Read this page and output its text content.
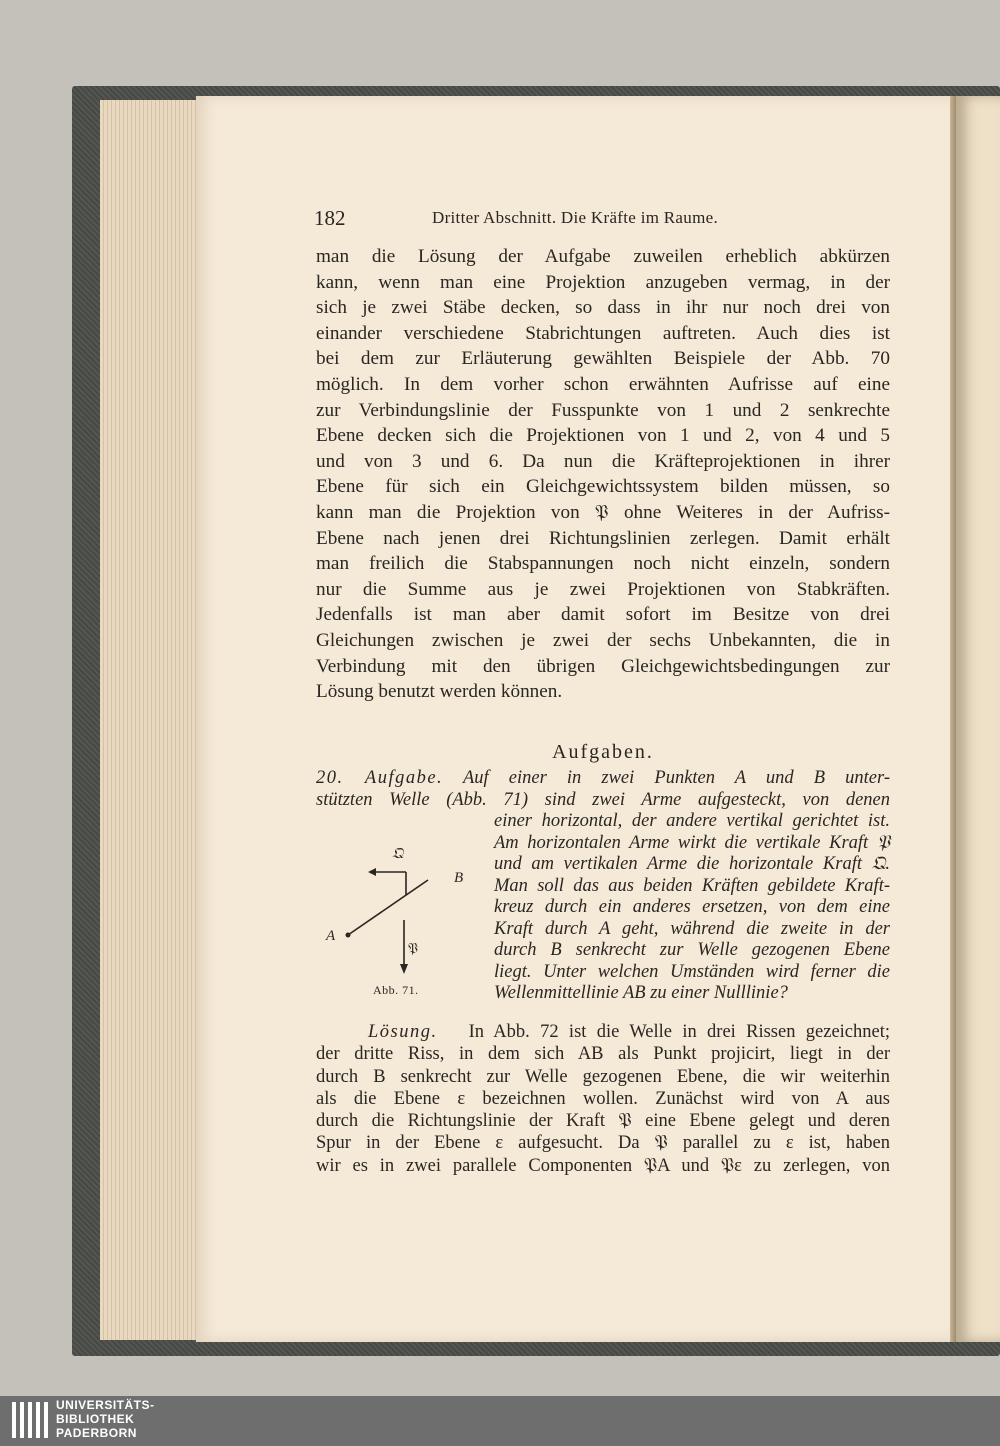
182	Dritter Abschnitt. Die Kräfte im Raume.
man die Lösung der Aufgabe zuweilen erheblich abkürzen
kann, wenn man eine Projektion anzugeben vermag, in der
sich je zwei Stäbe decken, so dass in ihr nur noch drei von
einander verschiedene Stabrichtungen auftreten. Auch dies ist
bei dem zur Erläuterung gewählten Beispiele der Abb. 70
möglich. In dem vorher schon erwähnten Aufrisse auf eine
zur Verbindungslinie der Fusspunkte von 1 und 2 senkrechte
Ebene decken sich die Projektionen von 1 und 2, von 4 und 5
und von 3 und 6. Da nun die Kräfteprojektionen in ihrer
Ebene für sich ein Gleichgewichtssystem bilden müssen, so
kann man die Projektion von 𝔓 ohne Weiteres in der Aufriss-
Ebene nach jenen drei Richtungslinien zerlegen. Damit erhält
man freilich die Stabspannungen noch nicht einzeln, sondern
nur die Summe aus je zwei Projektionen von Stabkräften.
Jedenfalls ist man aber damit sofort im Besitze von drei
Gleichungen zwischen je zwei der sechs Unbekannten, die in
Verbindung mit den übrigen Gleichgewichtsbedingungen zur
Lösung benutzt werden können.
Aufgaben.
20. Aufgabe. Auf einer in zwei Punkten A und B unter-
stützten Welle (Abb. 71) sind zwei Arme aufgesteckt, von denen
einer horizontal, der andere vertikal gerichtet ist.
Am horizontalen Arme wirkt die vertikale Kraft 𝔓
und am vertikalen Arme die horizontale Kraft 𝔔.
Man soll das aus beiden Kräften gebildete Kraft-
kreuz durch ein anderes ersetzen, von dem eine
Kraft durch A geht, während die zweite in der
durch B senkrecht zur Welle gezogenen Ebene
liegt. Unter welchen Umständen wird ferner die
Wellenmittellinie AB zu einer Nulllinie?
𝔔
B
A
𝔓
Abb. 71.
Lösung. In Abb. 72 ist die Welle in drei Rissen gezeichnet;
der dritte Riss, in dem sich AB als Punkt projicirt, liegt in der
durch B senkrecht zur Welle gezogenen Ebene, die wir weiterhin
als die Ebene ε bezeichnen wollen. Zunächst wird von A aus
durch die Richtungslinie der Kraft 𝔓 eine Ebene gelegt und deren
Spur in der Ebene ε aufgesucht. Da 𝔓 parallel zu ε ist, haben
wir es in zwei parallele Componenten 𝔓A und 𝔓ε zu zerlegen, von
UNIVERSITÄTS-
BIBLIOTHEK
PADERBORN
